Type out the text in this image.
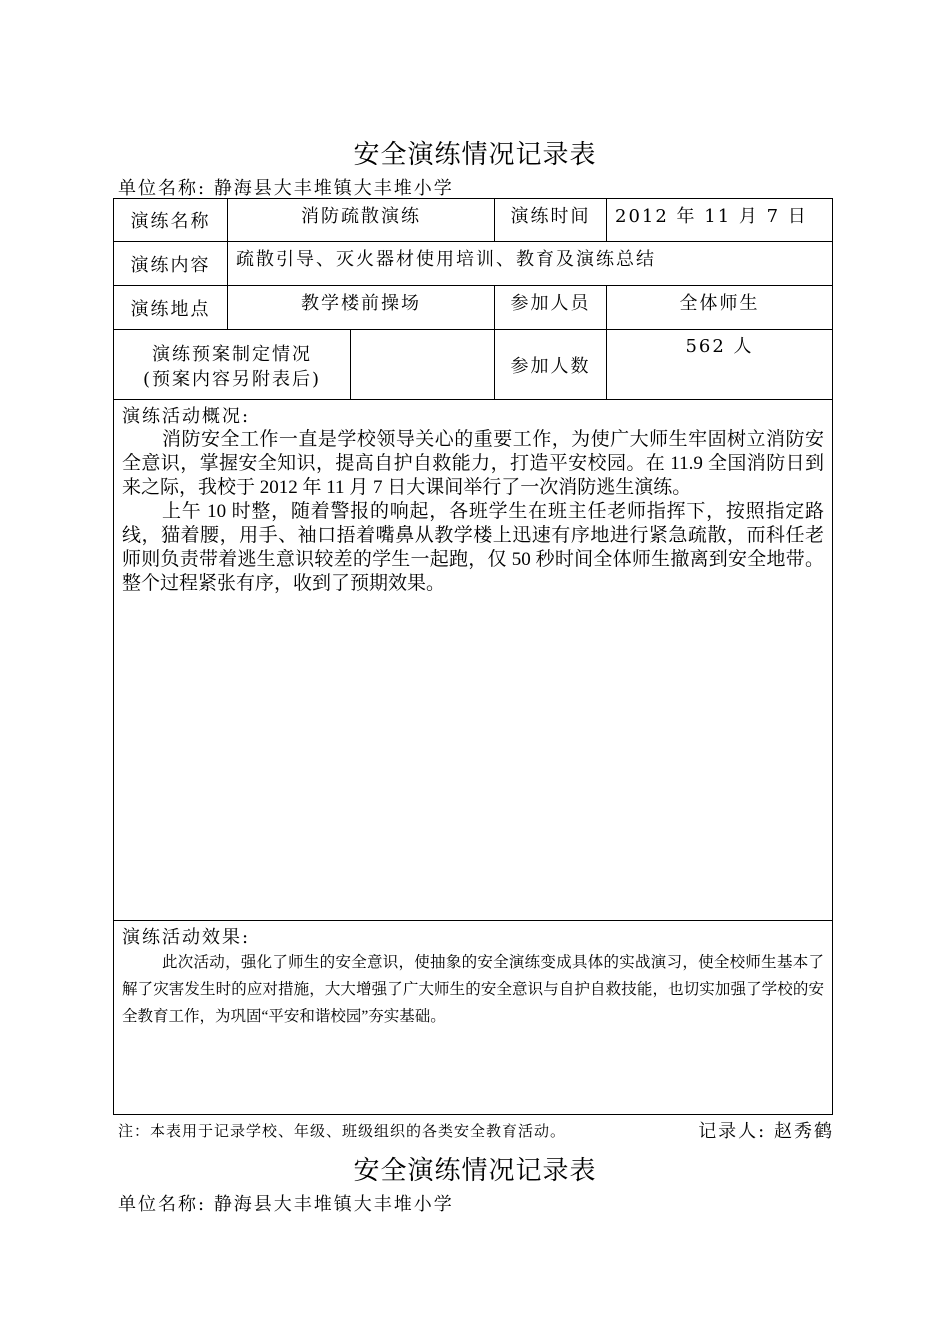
安全演练情况记录表
单位名称: 静海县大丰堆镇大丰堆小学
演练名称	消防疏散演练		演练时间	2012 年 11 月 7 日
演练内容	疏散引导、灭火器材使用培训、教育及演练总结			
演练地点	教学楼前操场		参加人员	全体师生

演练预案制定情况
(预案内容另附表后)			参加人数	562 人

演练活动概况:

消防安全工作一直是学校领导关心的重要工作，为使广大师生牢固树立消防安全意识，掌握安全知识，提高自护自救能力，打造平安校园。在 11.9 全国消防日到来之际，我校于 2012 年 11 月 7 日大课间举行了一次消防逃生演练。

上午 10 时整，随着警报的响起，各班学生在班主任老师指挥下，按照指定路线，猫着腰，用手、袖口捂着嘴鼻从教学楼上迅速有序地进行紧急疏散，而科任老师则负责带着逃生意识较差的学生一起跑，仅 50 秒时间全体师生撤离到安全地带。整个过程紧张有序，收到了预期效果。				

演练活动效果:

此次活动，强化了师生的安全意识，使抽象的安全演练变成具体的实战演习，使全校师生基本了解了灾害发生时的应对措施，大大增强了广大师生的安全意识与自护自救技能，也切实加强了学校的安全教育工作，为巩固“平安和谐校园”夯实基础。				

注：本表用于记录学校、年级、班级组织的各类安全教育活动。	记录人: 赵秀鹤
安全演练情况记录表
单位名称: 静海县大丰堆镇大丰堆小学
